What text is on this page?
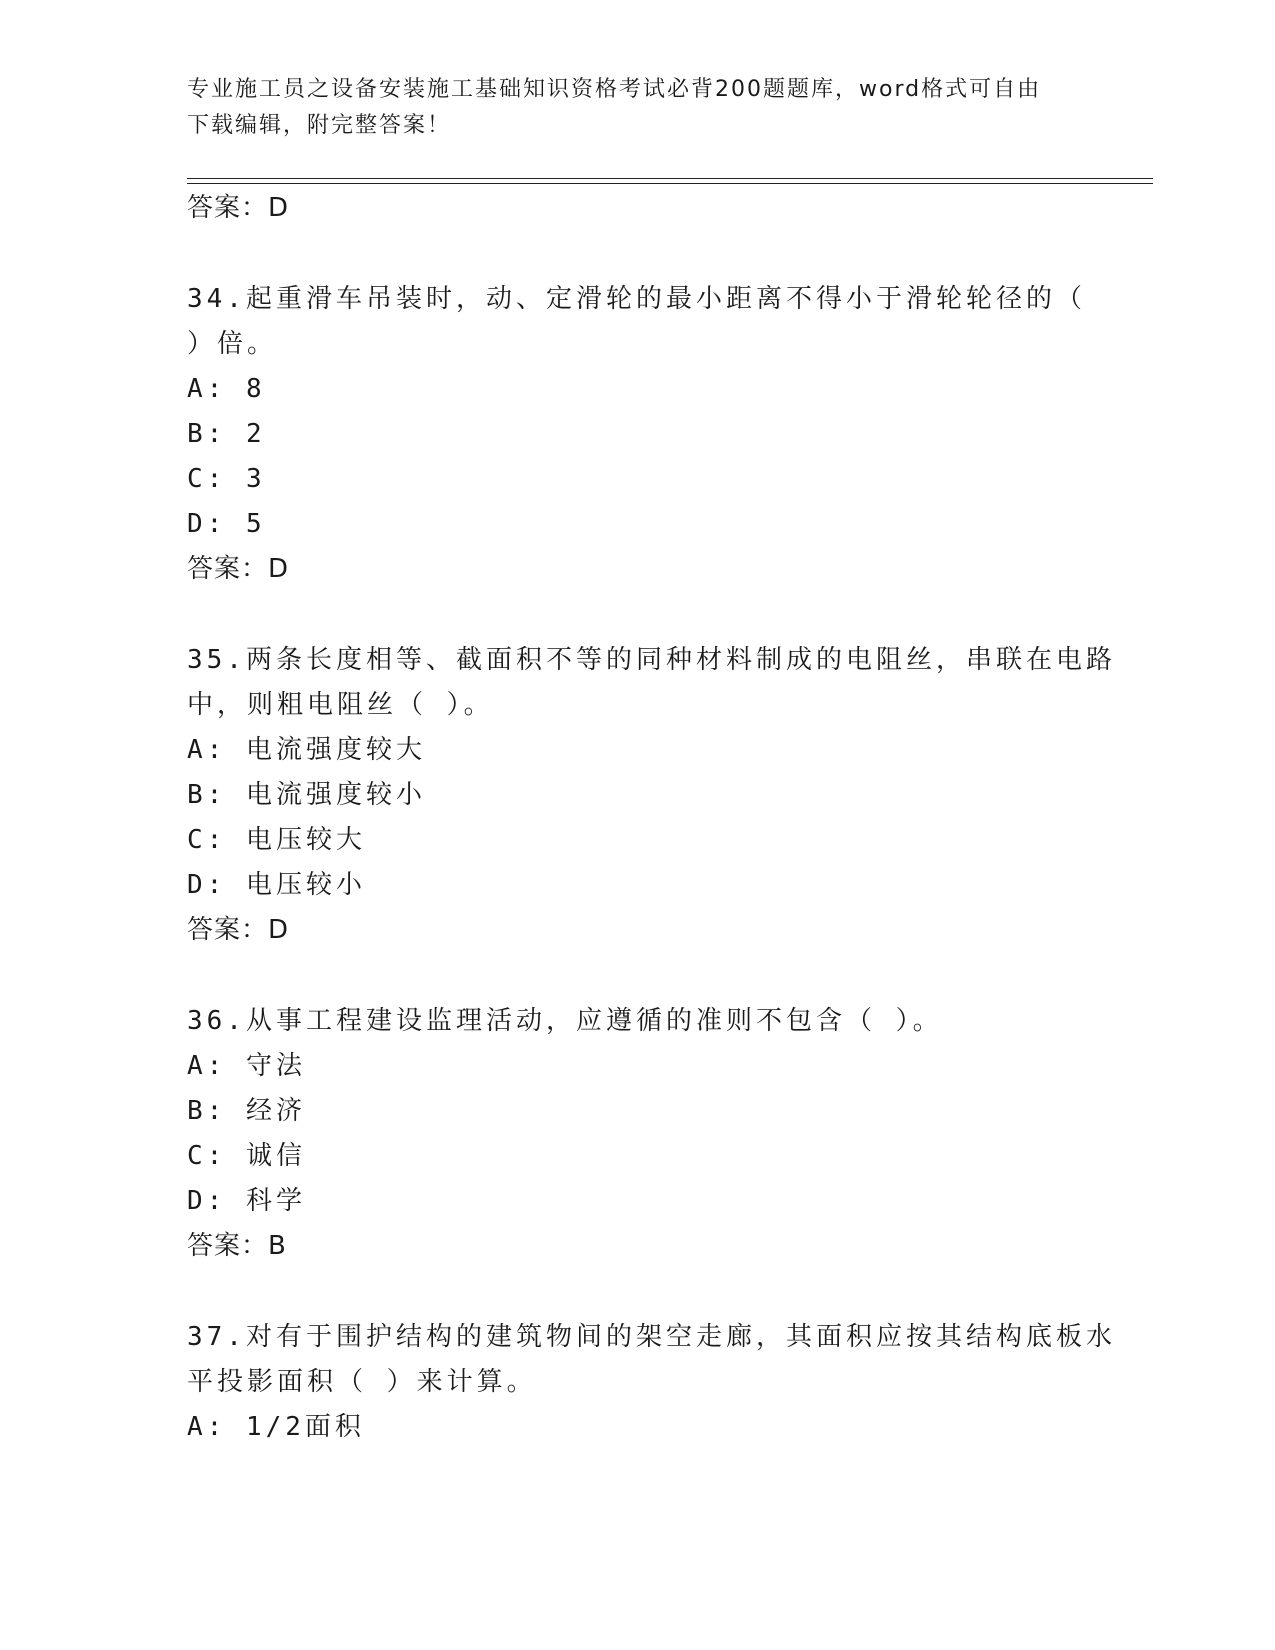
专业施工员之设备安装施工基础知识资格考试必背200题题库，word格式可自由
下载编辑，附完整答案！
答案：D
34.起重滑车吊装时，动、定滑轮的最小距离不得小于滑轮轮径的（
）倍。
A: 8
B: 2
C: 3
D: 5
答案：D
35.两条长度相等、截面积不等的同种材料制成的电阻丝，串联在电路
中，则粗电阻丝（ ）。
A: 电流强度较大
B: 电流强度较小
C: 电压较大
D: 电压较小
答案：D
36.从事工程建设监理活动，应遵循的准则不包含（ ）。
A: 守法
B: 经济
C: 诚信
D: 科学
答案：B
37.对有于围护结构的建筑物间的架空走廊，其面积应按其结构底板水
平投影面积（ ）来计算。
A: 1/2面积
